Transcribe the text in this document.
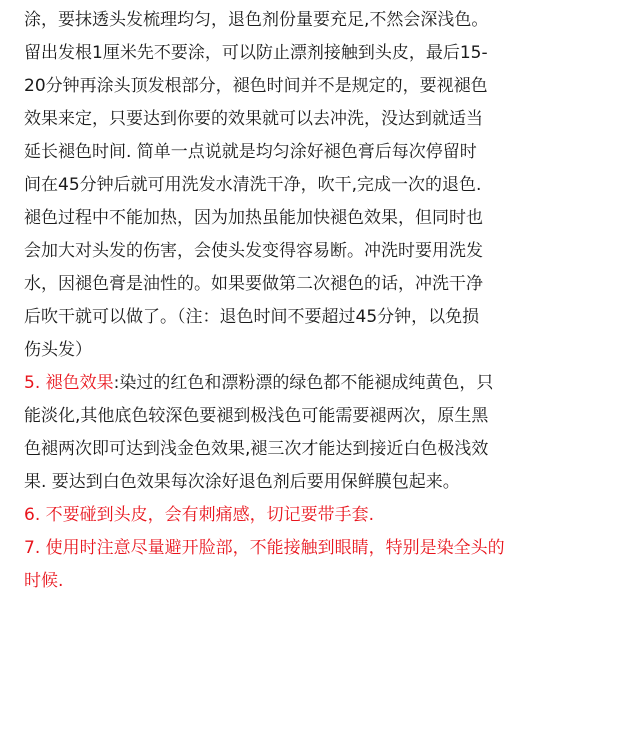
涂，要抹透头发梳理均匀，退色剂份量要充足,不然会深浅色。
留出发根1厘米先不要涂，可以防止漂剂接触到头皮，最后15-
20分钟再涂头顶发根部分，褪色时间并不是规定的，要视褪色
效果来定，只要达到你要的效果就可以去冲洗，没达到就适当
延长褪色时间. 简单一点说就是均匀涂好褪色膏后每次停留时
间在45分钟后就可用洗发水清洗干净，吹干,完成一次的退色.
褪色过程中不能加热，因为加热虽能加快褪色效果，但同时也
会加大对头发的伤害，会使头发变得容易断。冲洗时要用洗发
水，因褪色膏是油性的。如果要做第二次褪色的话，冲洗干净
后吹干就可以做了。（注：退色时间不要超过45分钟，以免损
伤头发）
5. 褪色效果:染过的红色和漂粉漂的绿色都不能褪成纯黄色，只
能淡化,其他底色较深色要褪到极浅色可能需要褪两次，原生黑
色褪两次即可达到浅金色效果,褪三次才能达到接近白色极浅效
果. 要达到白色效果每次涂好退色剂后要用保鲜膜包起来。
6. 不要碰到头皮，会有刺痛感，切记要带手套.
7. 使用时注意尽量避开脸部，不能接触到眼睛，特别是染全头的
时候.
